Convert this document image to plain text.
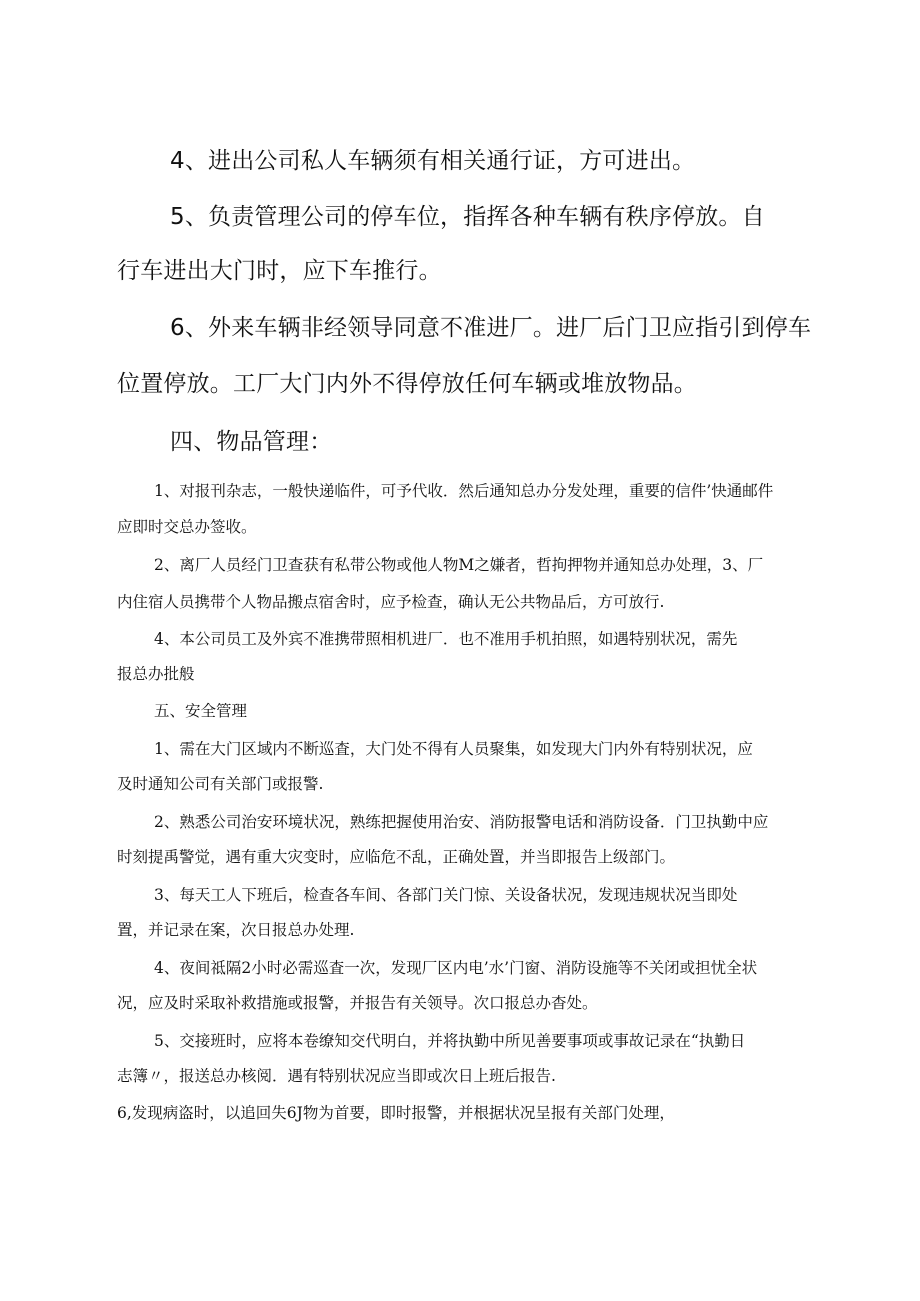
4、进出公司私人车辆须有相关通行证，方可进出。
5、负责管理公司的停车位，指挥各种车辆有秩序停放。自
行车进出大门时，应下车推行。
6、外来车辆非经领导同意不准进厂。进厂后门卫应指引到停车
位置停放。工厂大门内外不得停放任何车辆或堆放物品。
四、物品管理：
1、对报刊杂志，一般快递临件，可予代收．然后通知总办分发处理，重要的信件’快通邮件
应即时交总办签收。
2、离厂人员经门卫查获有私带公物或他人物M之嫌者，哲拘押物并通知总办处理，3、厂
内住宿人员携带个人物品搬点宿舍时，应予检查，确认无公共物品后，方可放行.
4、本公司员工及外宾不准携带照相机进厂．也不准用手机拍照，如遇特别状况，需先
报总办批般
五、安全管理
1、需在大门区域内不断巡査，大门处不得有人员聚集，如发现大门内外有特别状况，应
及时通知公司有关部门或报警.
2、熟悉公司治安环境状况，熟练把握使用治安、消防报警电话和消防设备．门卫执勤中应
时刻提禹警觉，遇有重大灾变时，应临危不乱，正确处置，并当即报告上级部门。
3、每天工人下班后，检查各车间、各部门关门惊、关设备状况，发现违规状况当即处
置，并记录在案，次日报总办处理.
4、夜间祗隔2小时必需巡査一次，发现厂区内电’水’门窗、消防设施等不关闭或担忧全状
况，应及时采取补救措施或报警，并报告有关领导。次口报总办杳处。
5、交接班时，应将本卷缭知交代明白，并将执勤中所见善要事项或事故记录在“执勤日
志簿〃，报送总办核阅．遇有特别状况应当即或次日上班后报告.
6,发现病盗时，以追回失6J物为首要，即时报警，并根据状况呈报有关部门处理，
